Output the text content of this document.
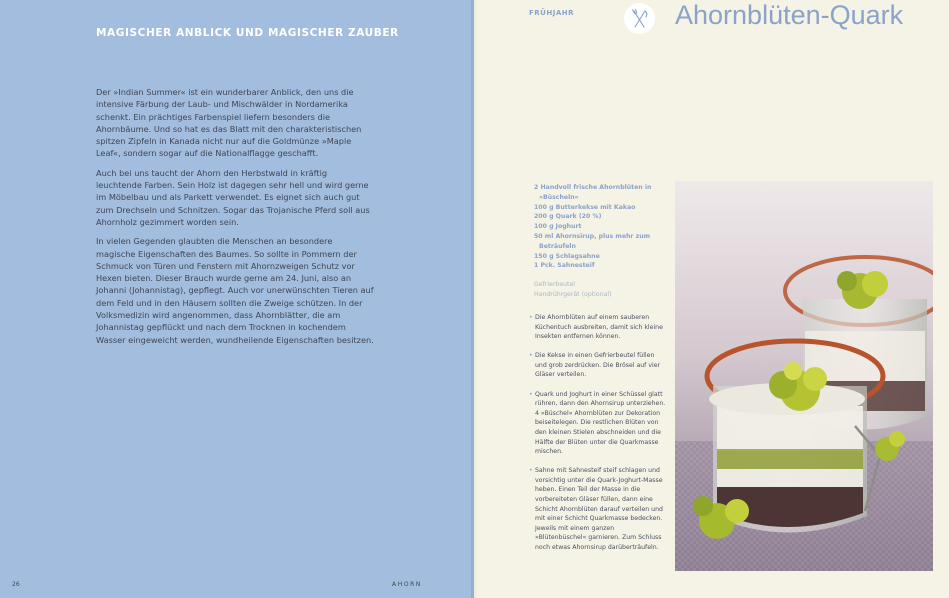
MAGISCHER ANBLICK UND MAGISCHER ZAUBER

Der »Indian Summer« ist ein wunderbarer Anblick, den uns die intensive Färbung der Laub- und Mischwälder in Nordamerika schenkt. Ein prächtiges Farbenspiel liefern besonders die Ahornbäume. Und so hat es das Blatt mit den charakteristischen spitzen Zipfeln in Kanada nicht nur auf die Goldmünze »Maple Leaf«, sondern sogar auf die Nationalflagge geschafft.

Auch bei uns taucht der Ahorn den Herbstwald in kräftig leuchtende Farben. Sein Holz ist dagegen sehr hell und wird gerne im Möbelbau und als Parkett verwendet. Es eignet sich auch gut zum Drechseln und Schnitzen. Sogar das Trojanische Pferd soll aus Ahornholz gezimmert worden sein.

In vielen Gegenden glaubten die Menschen an besondere magische Eigenschaften des Baumes. So sollte in Pommern der Schmuck von Türen und Fenstern mit Ahornzweigen Schutz vor Hexen bieten. Dieser Brauch wurde gerne am 24. Juni, also an Johanni (Johannistag), gepflegt. Auch vor unerwünschten Tieren auf dem Feld und in den Häusern sollten die Zweige schützen. In der Volksmedizin wird angenommen, dass Ahornblätter, die am Johannistag gepflückt und nach dem Trocknen in kochendem Wasser eingeweicht werden, wundheilende Eigenschaften besitzen.

26	AHORN
FRÜHJAHR	Ahornblüten-Quark
2 Handvoll frische Ahornblüten in
»Büscheln«
100 g Butterkekse mit Kakao
200 g Quark (20 %)
100 g Joghurt
50 ml Ahornsirup, plus mehr zum
Beträufeln
150 g Schlagsahne
1 Pck. Sahnesteif
Gefrierbeutel
Handrührgerät (optional)
• Die Ahornblüten auf einem sauberen Küchentuch ausbreiten, damit sich kleine Insekten entfernen können.
• Die Kekse in einen Gefrierbeutel füllen und grob zerdrücken. Die Brösel auf vier Gläser verteilen.
• Quark und Joghurt in einer Schüssel glatt rühren, dann den Ahornsirup unterziehen. 4 »Büschel« Ahornblüten zur Dekoration beiseitelegen. Die restlichen Blüten von den kleinen Stielen abschneiden und die Hälfte der Blüten unter die Quarkmasse mischen.
• Sahne mit Sahnesteif steif schlagen und vorsichtig unter die Quark-Joghurt-Masse heben. Einen Teil der Masse in die vorbereiteten Gläser füllen, dann eine Schicht Ahornblüten darauf verteilen und mit einer Schicht Quarkmasse bedecken. Jeweils mit einem ganzen »Blütenbüschel« garnieren. Zum Schluss noch etwas Ahornsirup darüberträufeln.
